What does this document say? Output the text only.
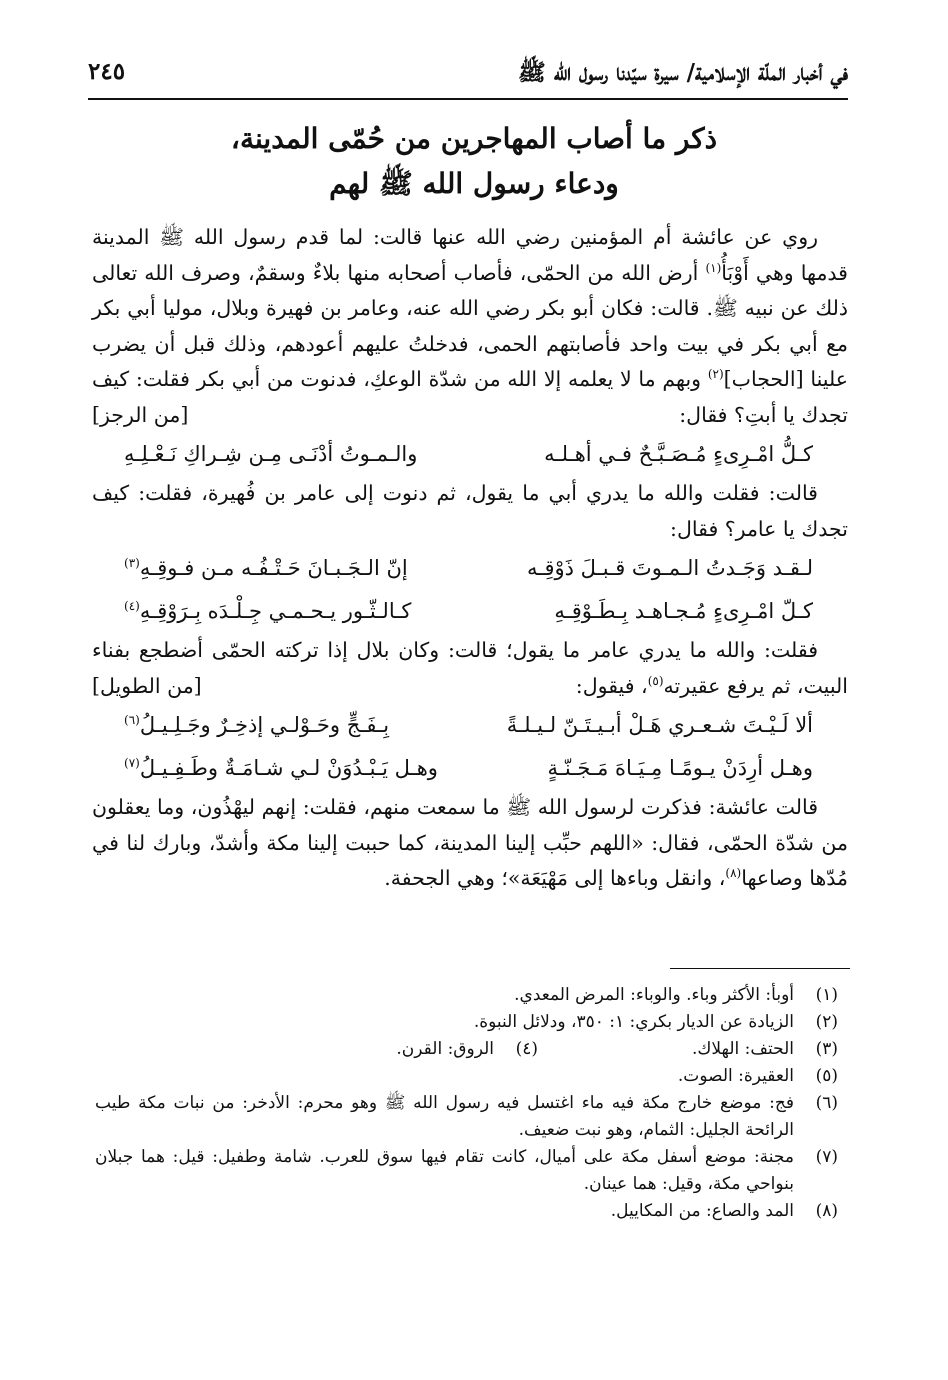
في أخبار الملّة الإسلامية/ سيرة سيّدنا رسول الله ﷺ
٢٤٥
ذكر ما أصاب المهاجرين من حُمّى المدينة،
ودعاء رسول الله ﷺ لهم

روي عن عائشة أم المؤمنين رضي الله عنها قالت: لما قدم رسول الله ﷺ المدينة قدمها وهي أَوْبَأُ$^{(١)}$ أرض الله من الحمّى، فأصاب أصحابه منها بلاءٌ وسقمٌ، وصرف الله تعالى ذلك عن نبيه ﷺ. قالت: فكان أبو بكر رضي الله عنه، وعامر بن فهيرة وبلال، موليا أبي بكر مع أبي بكر في بيت واحد فأصابتهم الحمى، فدخلتُ عليهم أعودهم، وذلك قبل أن يضرب علينا [الحجاب]$^{(٢)}$ وبهم ما لا يعلمه إلا الله من شدّة الوعكِ، فدنوت من أبي بكر فقلت: كيف تجدك يا أبتِ؟ فقال:
[من الرجز]

كـلُّ امْـرِىءٍ مُـصَـبَّـحٌ فـي أهـلـه
والـمـوتُ أدْنَـى مِـن شِـراكِ نَـعْـلِـهِ

قالت: فقلت والله ما يدري أبي ما يقول، ثم دنوت إلى عامر بن فُهيرة، فقلت: كيف تجدك يا عامر؟ فقال:

لـقـد وَجَـدتُ الـمـوتَ قـبـلَ ذَوْقِـه
إنّ الـجَـبـانَ حَـتْـفُـه مـن فـوقِـهِ$^{(٣)}$
كـلّ امْـرِىءٍ مُـجـاهـد بِـطَـوْقِـهِ
كـالـثّـور يـحـمـي جِـلْـدَه بِـرَوْقِـهِ$^{(٤)}$

فقلت: والله ما يدري عامر ما يقول؛ قالت: وكان بلال إذا تركته الحمّى أضطجع بفناء البيت، ثم يرفع عقيرته$^{(٥)}$، فيقول:
[من الطويل]

ألا لَـيْـتَ شـعـري هَـلْ أبـيـتَـنّ لـيـلـةً
بِـفَـجٍّ وحَـوْلـي إذخِـرٌ وجَـلِـيـلُ$^{(٦)}$
وهـل أرِدَنْ يـومًـا مِـيَـاهَ مَـجَـنّـةٍ
وهـل يَـبْـدُوَنْ لـي شـامَـةٌ وطَـفِـيـلُ$^{(٧)}$

قالت عائشة: فذكرت لرسول الله ﷺ ما سمعت منهم، فقلت: إنهم ليهْذُون، وما يعقلون من شدّة الحمّى، فقال: «اللهم حبِّب إلينا المدينة، كما حببت إلينا مكة وأشدّ، وبارك لنا في مُدّها وصاعها$^{(٨)}$، وانقل وباءها إلى مَهْيَعَة»؛ وهي الجحفة.

(١)
أوبأ: الأكثر وباء. والوباء: المرض المعدي.
(٢)
الزيادة عن الديار بكري: ١: ٣٥٠، ودلائل النبوة.
(٣)
الحتف: الهلاك.
(٤)
الروق: القرن.
(٥)
العقيرة: الصوت.
(٦)
فج: موضع خارج مكة فيه ماء اغتسل فيه رسول الله ﷺ وهو محرم: الأدخر: من نبات مكة طيب الرائحة الجليل: الثمام، وهو نبت ضعيف.
(٧)
مجنة: موضع أسفل مكة على أميال، كانت تقام فيها سوق للعرب. شامة وطفيل: قيل: هما جبلان بنواحي مكة، وقيل: هما عينان.
(٨)
المد والصاع: من المكاييل.
